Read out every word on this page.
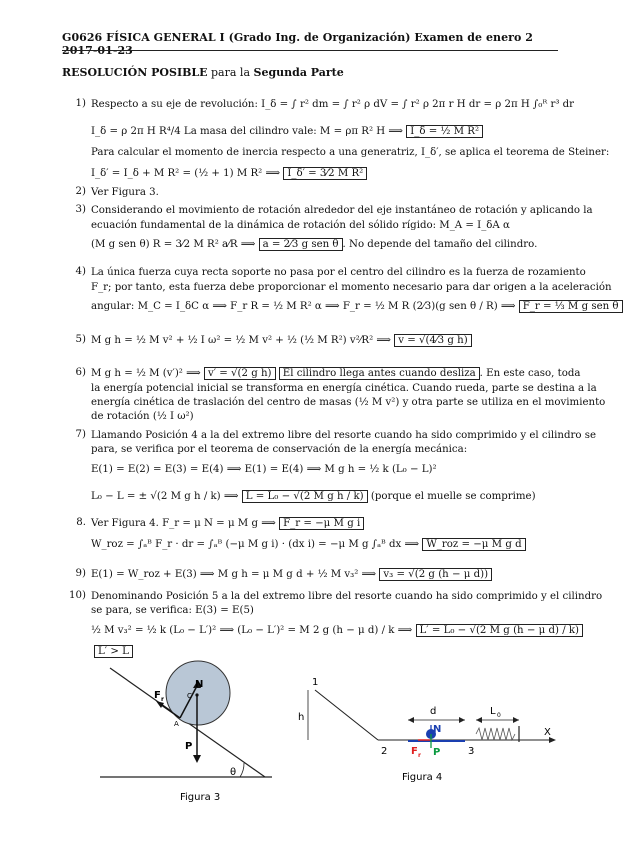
G0626 FÍSICA GENERAL I (Grado Ing. de Organización) Examen de enero 2 2017-01-23
RESOLUCIÓN POSIBLE para la Segunda Parte
1) Respecto a su eje de revolución: I_δ = ∫ r² dm = ∫ r² ρ dV = ∫ r² ρ 2π r H dr = ρ 2π H ∫₀ᴿ r³ dr
I_δ = ρ 2π H R⁴/4 La masa del cilindro vale: M = ρπ R² H ⟹ I_δ = ½ M R²
Para calcular el momento de inercia respecto a una generatriz, I_δ′, se aplica el teorema de Steiner:
I_δ′ = I_δ + M R² = (½ + 1) M R² ⟹ I_δ′ = 3⁄2 M R²
2) Ver Figura 3.
3) Considerando el movimiento de rotación alrededor del eje instantáneo de rotación y aplicando la
ecuación fundamental de la dinámica de rotación del sólido rígido: M_A = I_δA α
(M g sen θ) R = 3⁄2 M R² a⁄R ⟹ a = 2⁄3 g sen θ . No depende del tamaño del cilindro.
4) La única fuerza cuya recta soporte no pasa por el centro del cilindro es la fuerza de rozamiento
F_r; por tanto, esta fuerza debe proporcionar el momento necesario para dar origen a la aceleración
angular: M_C = I_δC α ⟹ F_r R = ½ M R² α ⟹ F_r = ½ M R (2⁄3)(g sen θ / R) ⟹ F_r = ⅓ M g sen θ
5) M g h = ½ M v² + ½ I ω² = ½ M v² + ½ (½ M R²) v²⁄R² ⟹ v = √(4⁄3 g h)
6) M g h = ½ M (v′)² ⟹ v′ = √(2 g h) El cilindro llega antes cuando desliza . En este caso, toda
la energía potencial inicial se transforma en energía cinética. Cuando rueda, parte se destina a la
energía cinética de traslación del centro de masas (½ M v²) y otra parte se utiliza en el movimiento
de rotación (½ I ω²)
7) Llamando Posición 4 a la del extremo libre del resorte cuando ha sido comprimido y el cilindro se
para, se verifica por el teorema de conservación de la energía mecánica:
E(1) = E(2) = E(3) = E(4) ⟹ E(1) = E(4) ⟹ M g h = ½ k (L₀ − L)²
L₀ − L = ± √(2 M g h / k) ⟹ L = L₀ − √(2 M g h / k) (porque el muelle se comprime)
8. Ver Figura 4. F_r = μ N = μ M g ⟹ F_r = −μ M g i
W_roz = ∫ₐᴮ F_r · dr = ∫ₐᴮ (−μ M g i) · (dx i) = −μ M g ∫ₐᴮ dx ⟹ W_roz = −μ M g d
9) E(1) = W_roz + E(3) ⟹ M g h = μ M g d + ½ M v₃² ⟹ v₃ = √(2 g (h − μ d))
10) Denominando Posición 5 a la del extremo libre del resorte cuando ha sido comprimido y el cilindro
se para, se verifica: E(3) = E(5)
½ M v₃² = ½ k (L₀ − L′)² ⟹ (L₀ − L′)² = M 2 g (h − μ d) / k ⟹ L′ = L₀ − √(2 M g (h − μ d) / k)
L′ > L
θ
N
C
F r
A
P
Figura 3
1
h
2
d
N
F r P	3
L 0
X
Figura 4
